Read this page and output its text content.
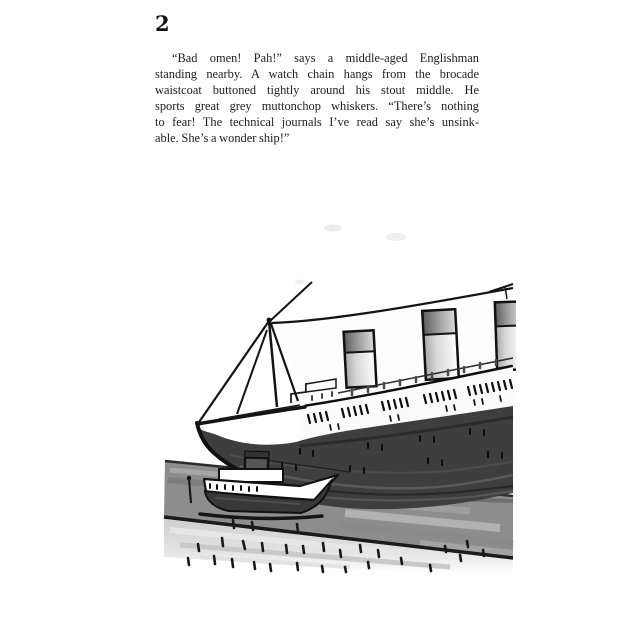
2
“Bad omen! Pah!” says a middle-aged Englishman
standing nearby. A watch chain hangs from the brocade
waistcoat buttoned tightly around his stout middle. He
sports great grey muttonchop whiskers. “There’s nothing
to fear! The technical journals I’ve read say she’s unsink-
able. She’s a wonder ship!”
